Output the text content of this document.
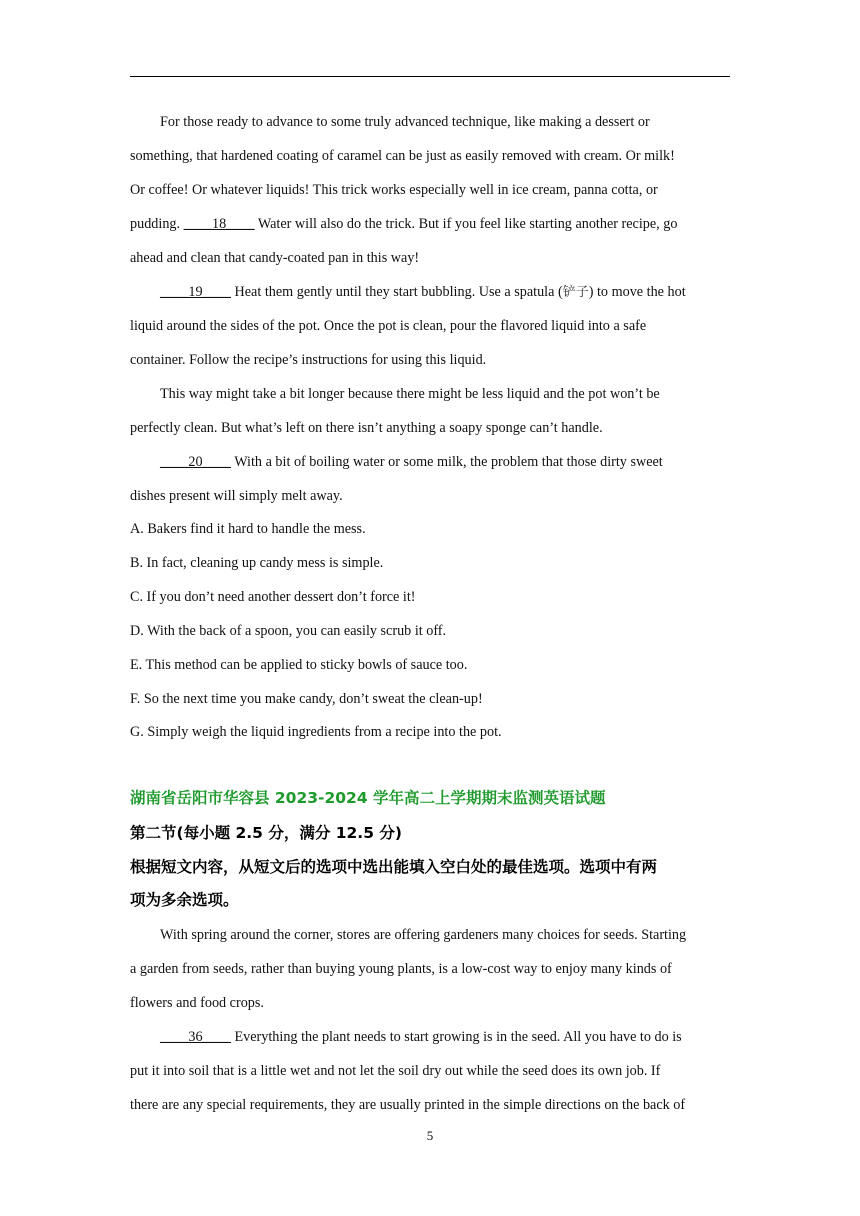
For those ready to advance to some truly advanced technique, like making a dessert or
something, that hardened coating of caramel can be just as easily removed with cream. Or milk!
Or coffee! Or whatever liquids! This trick works especially well in ice cream, panna cotta, or
pudding. ____18____ Water will also do the trick. But if you feel like starting another recipe, go
ahead and clean that candy-coated pan in this way!
____19____ Heat them gently until they start bubbling. Use a spatula (铲子) to move the hot
liquid around the sides of the pot. Once the pot is clean, pour the flavored liquid into a safe
container. Follow the recipe’s instructions for using this liquid.
This way might take a bit longer because there might be less liquid and the pot won’t be
perfectly clean. But what’s left on there isn’t anything a soapy sponge can’t handle.
____20____ With a bit of boiling water or some milk, the problem that those dirty sweet
dishes present will simply melt away.
A. Bakers find it hard to handle the mess.
B. In fact, cleaning up candy mess is simple.
C. If you don’t need another dessert don’t force it!
D. With the back of a spoon, you can easily scrub it off.
E. This method can be applied to sticky bowls of sauce too.
F. So the next time you make candy, don’t sweat the clean-up!
G. Simply weigh the liquid ingredients from a recipe into the pot.
湖南省岳阳市华容县 2023-2024 学年高二上学期期末监测英语试题
第二节(每小题 2.5 分，满分 12.5 分)
根据短文内容，从短文后的选项中选出能填入空白处的最佳选项。选项中有两
项为多余选项。
With spring around the corner, stores are offering gardeners many choices for seeds. Starting
a garden from seeds, rather than buying young plants, is a low-cost way to enjoy many kinds of
flowers and food crops.
____36____ Everything the plant needs to start growing is in the seed. All you have to do is
put it into soil that is a little wet and not let the soil dry out while the seed does its own job. If
there are any special requirements, they are usually printed in the simple directions on the back of
5
